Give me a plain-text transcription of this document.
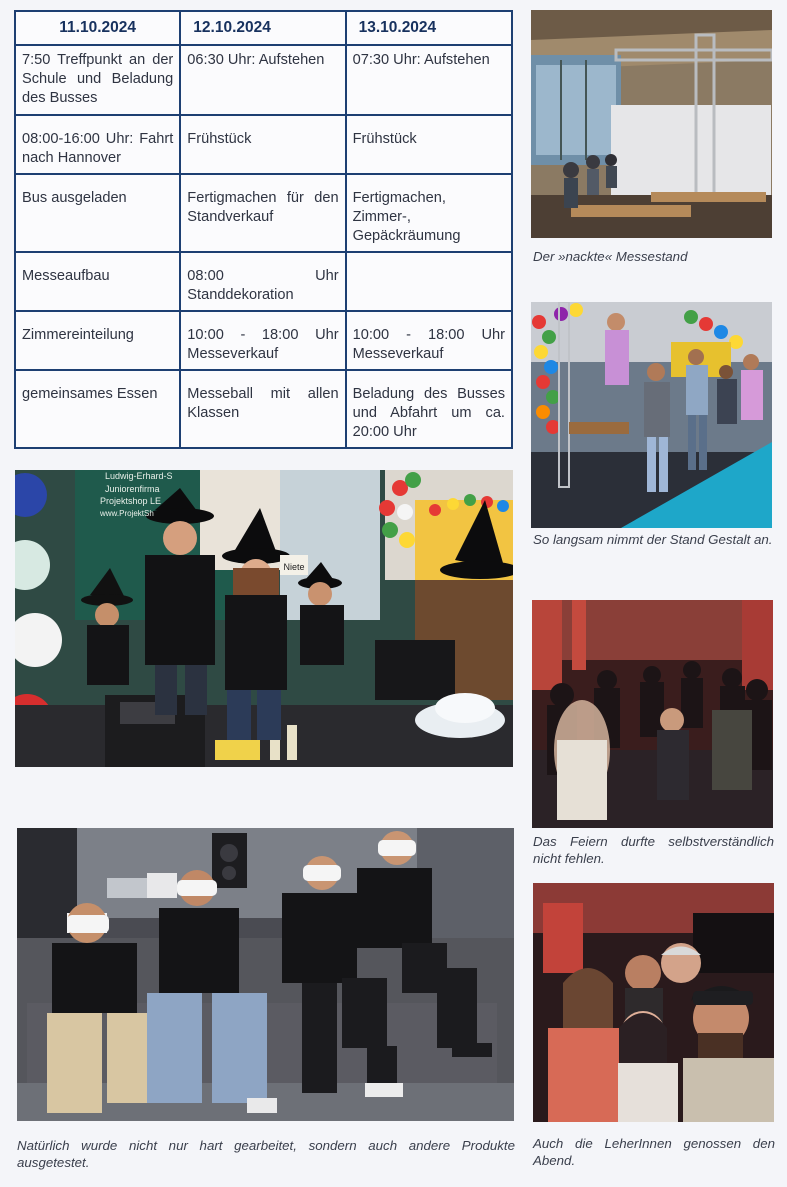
11.10.2024	12.10.2024	13.10.2024
7:50 Treffpunkt an der Schule und Beladung des Busses	06:30 Uhr: Aufstehen	07:30 Uhr: Aufstehen
08:00-16:00 Uhr: Fahrt nach Hannover	Frühstück	Frühstück
Bus ausgeladen	Fertigmachen für den Standverkauf	Fertigmachen, Zimmer-, Gepäckräumung
Messeaufbau	08:00 Uhr Standdekoration	
Zimmereinteilung	10:00 - 18:00 Uhr Messeverkauf	10:00 - 18:00 Uhr Messeverkauf
gemeinsames Essen	Messeball mit allen Klassen	Beladung des Busses und Abfahrt um ca. 20:00 Uhr
Der »nackte« Messestand
So langsam nimmt der Stand Gestalt an.
Niete
Ludwig-Erhard-S
Juniorenfirma
Projektshop LE
www.ProjektSh
Das Feiern durfte selbstverständlich nicht fehlen.
Natürlich wurde nicht nur hart gearbeitet, sondern auch andere Produkte ausgetestet.
Auch die LeherInnen genossen den Abend.
